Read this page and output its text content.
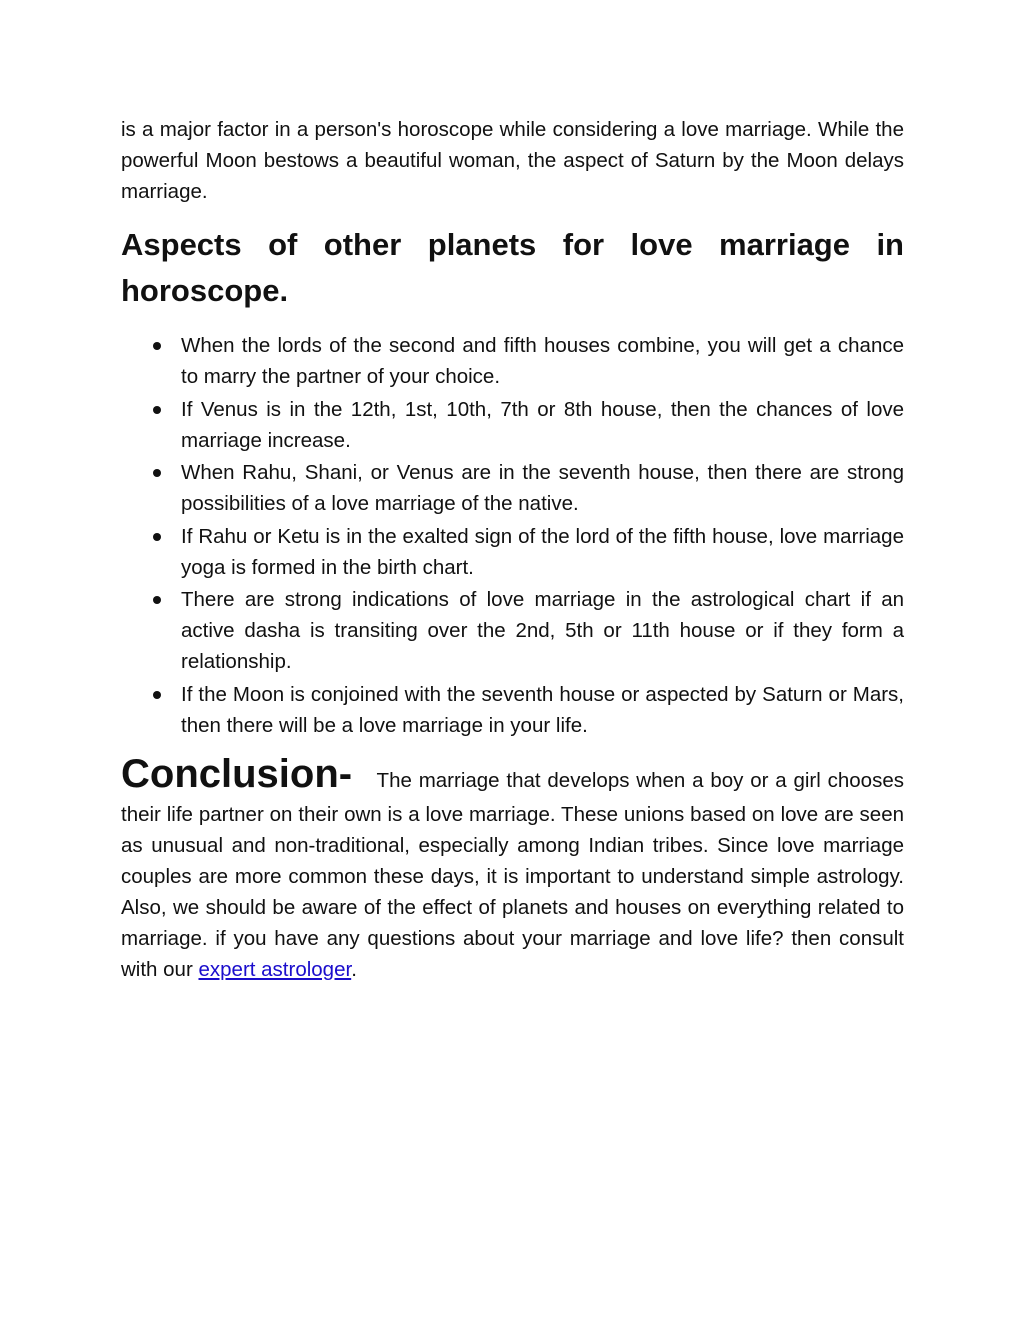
is a major factor in a person's horoscope while considering a love marriage. While the powerful Moon bestows a beautiful woman, the aspect of Saturn by the Moon delays marriage.

Aspects of other planets for love marriage in
horoscope.
When the lords of the second and fifth houses combine, you will get a chance to marry the partner of your choice.
If Venus is in the 12th, 1st, 10th, 7th or 8th house, then the chances of love marriage increase.
When Rahu, Shani, or Venus are in the seventh house, then there are strong possibilities of a love marriage of the native.
If Rahu or Ketu is in the exalted sign of the lord of the fifth house, love marriage yoga is formed in the birth chart.
There are strong indications of love marriage in the astrological chart if an active dasha is transiting over the 2nd, 5th or 11th house or if they form a relationship.
If the Moon is conjoined with the seventh house or aspected by Saturn or Mars, then there will be a love marriage in your life.

Conclusion- The marriage that develops when a boy or a girl chooses their life partner on their own is a love marriage. These unions based on love are seen as unusual and non-traditional, especially among Indian tribes. Since love marriage couples are more common these days, it is important to understand simple astrology. Also, we should be aware of the effect of planets and houses on everything related to marriage. if you have any questions about your marriage and love life? then consult with our expert astrologer.
